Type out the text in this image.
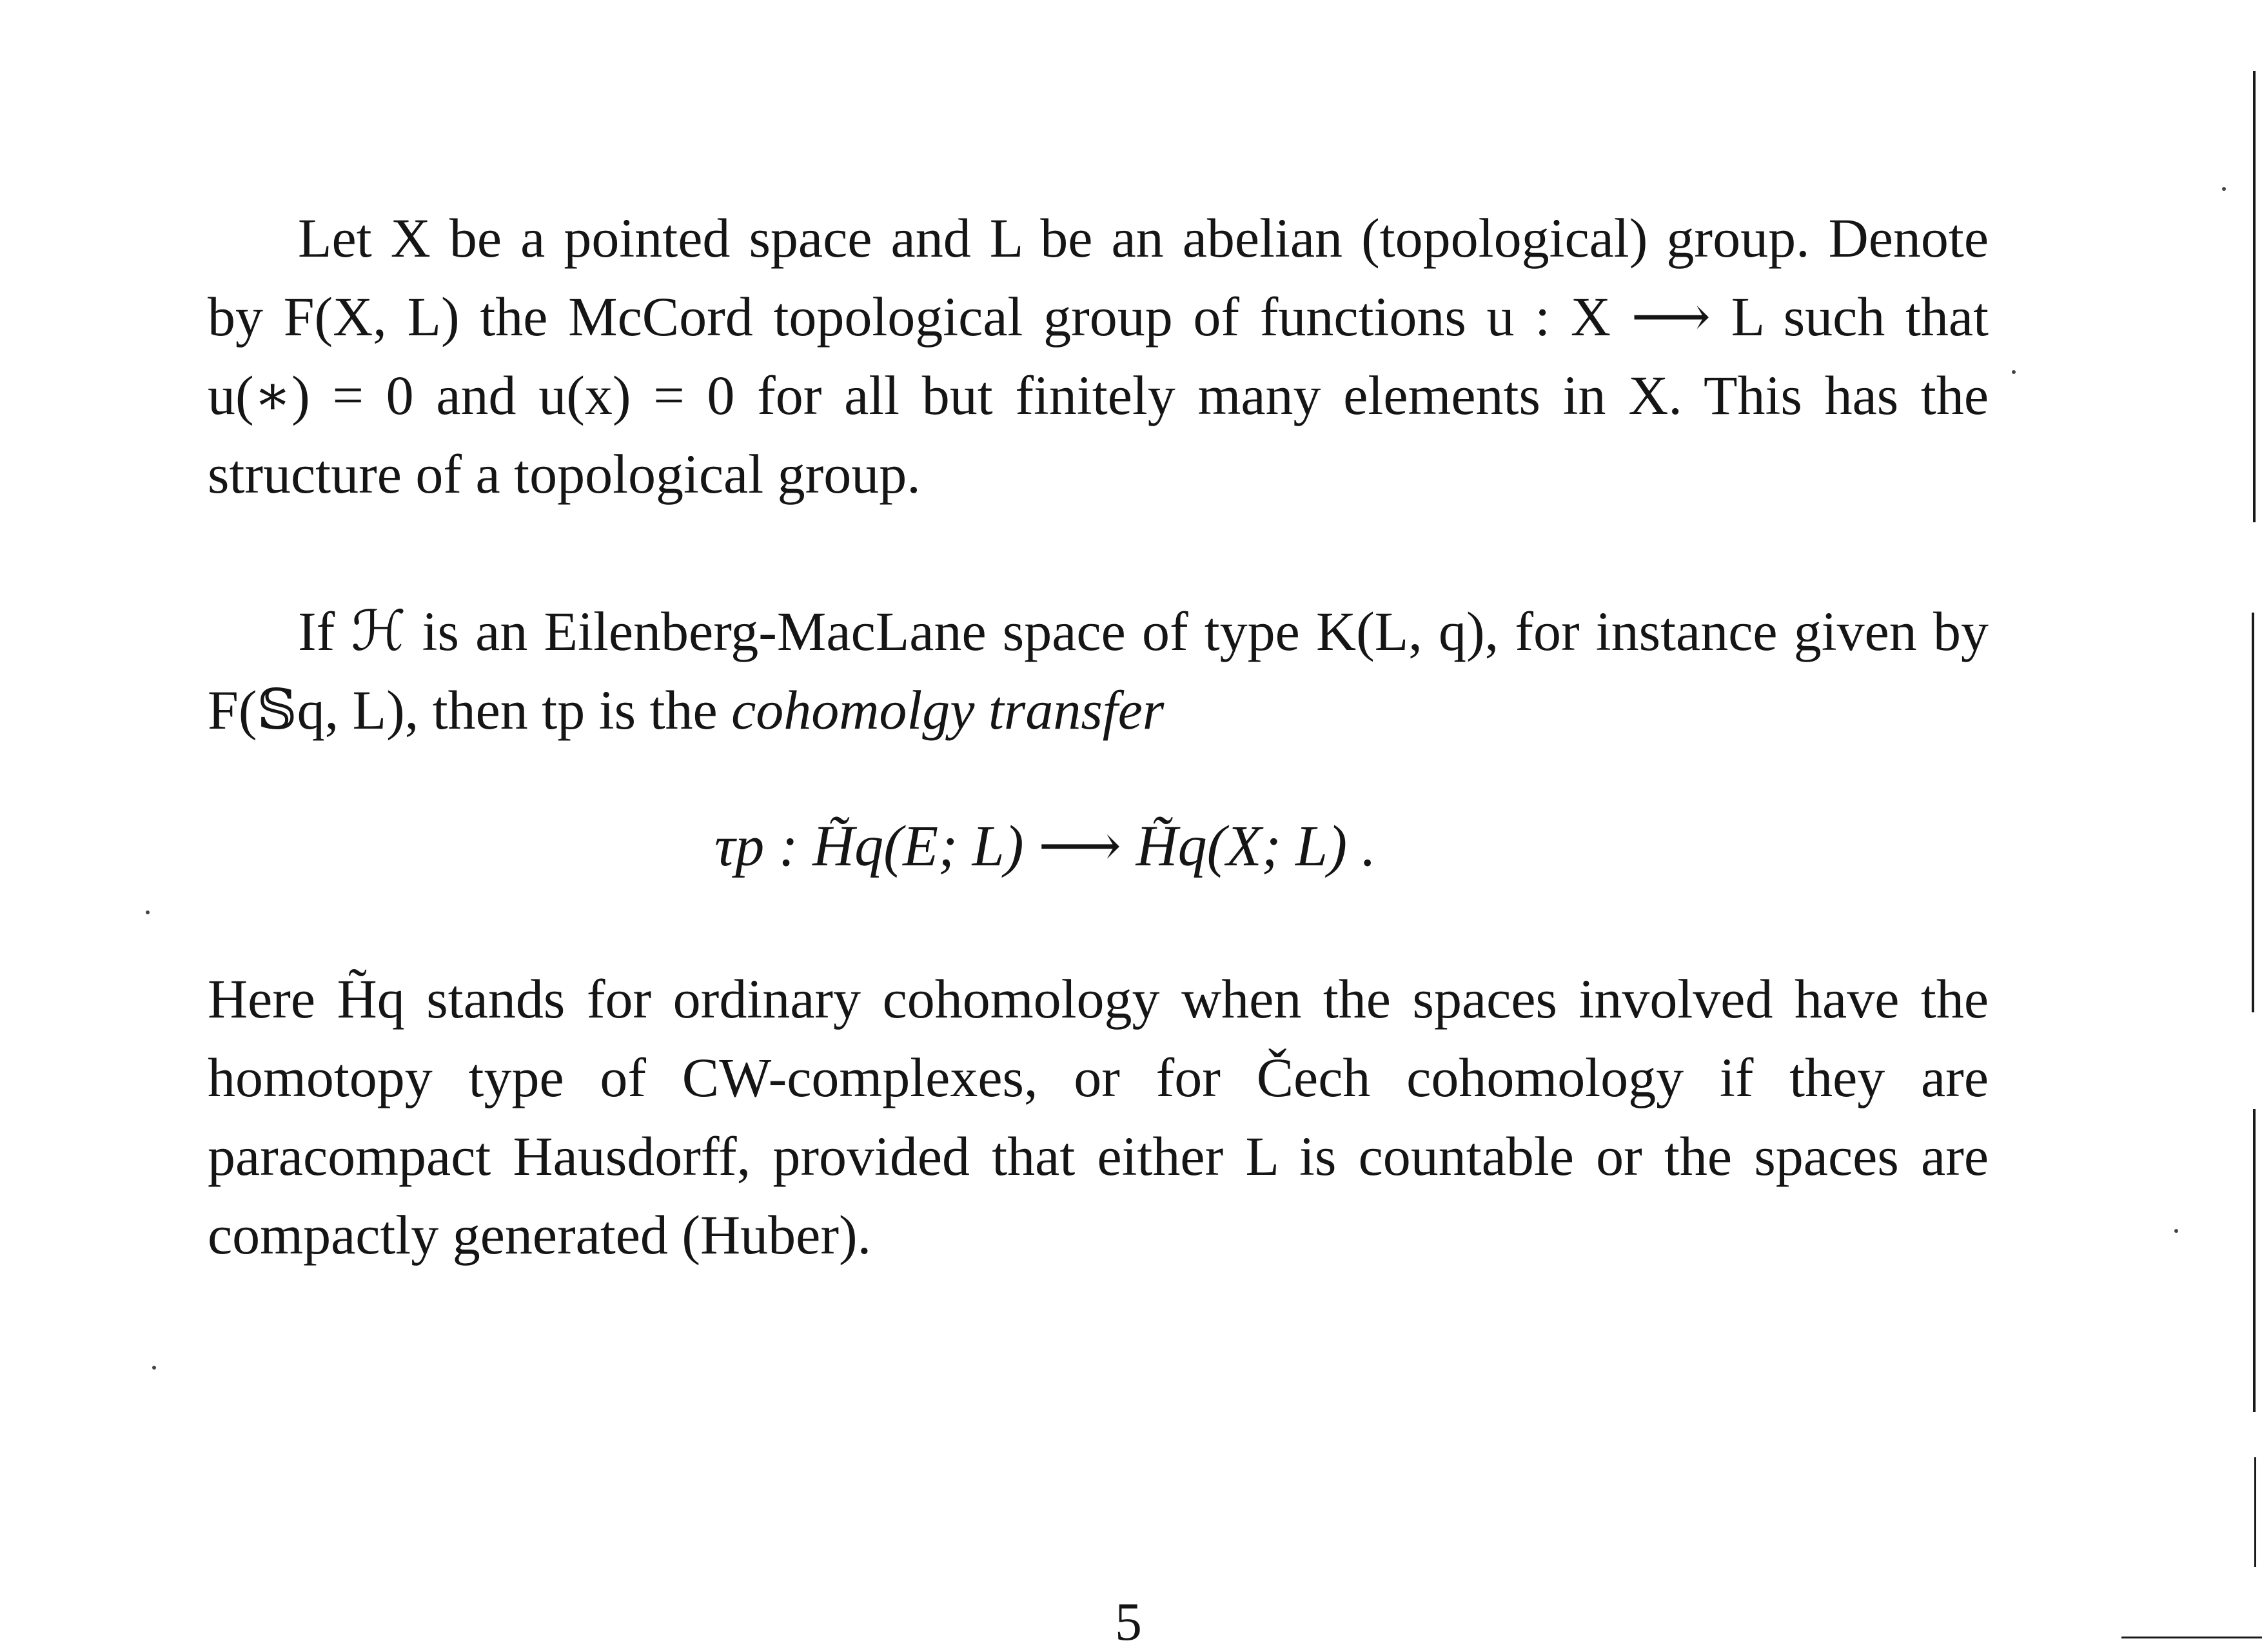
Let X be a pointed space and L be an abelian (topological) group. Denote by F(X, L) the McCord topological group of functions u : X ⟶ L such that u(∗) = 0 and u(x) = 0 for all but finitely many elements in X. This has the structure of a topological group.

If ℋ is an Eilenberg-MacLane space of type K(L, q), for instance given by F(𝕊q, L), then tp is the cohomolgy transfer

τp : H̃q(E; L) ⟶ H̃q(X; L) .

Here H̃q stands for ordinary cohomology when the spaces involved have the homotopy type of CW-complexes, or for Čech cohomology if they are paracompact Hausdorff, provided that either L is countable or the spaces are compactly generated (Huber).

5
